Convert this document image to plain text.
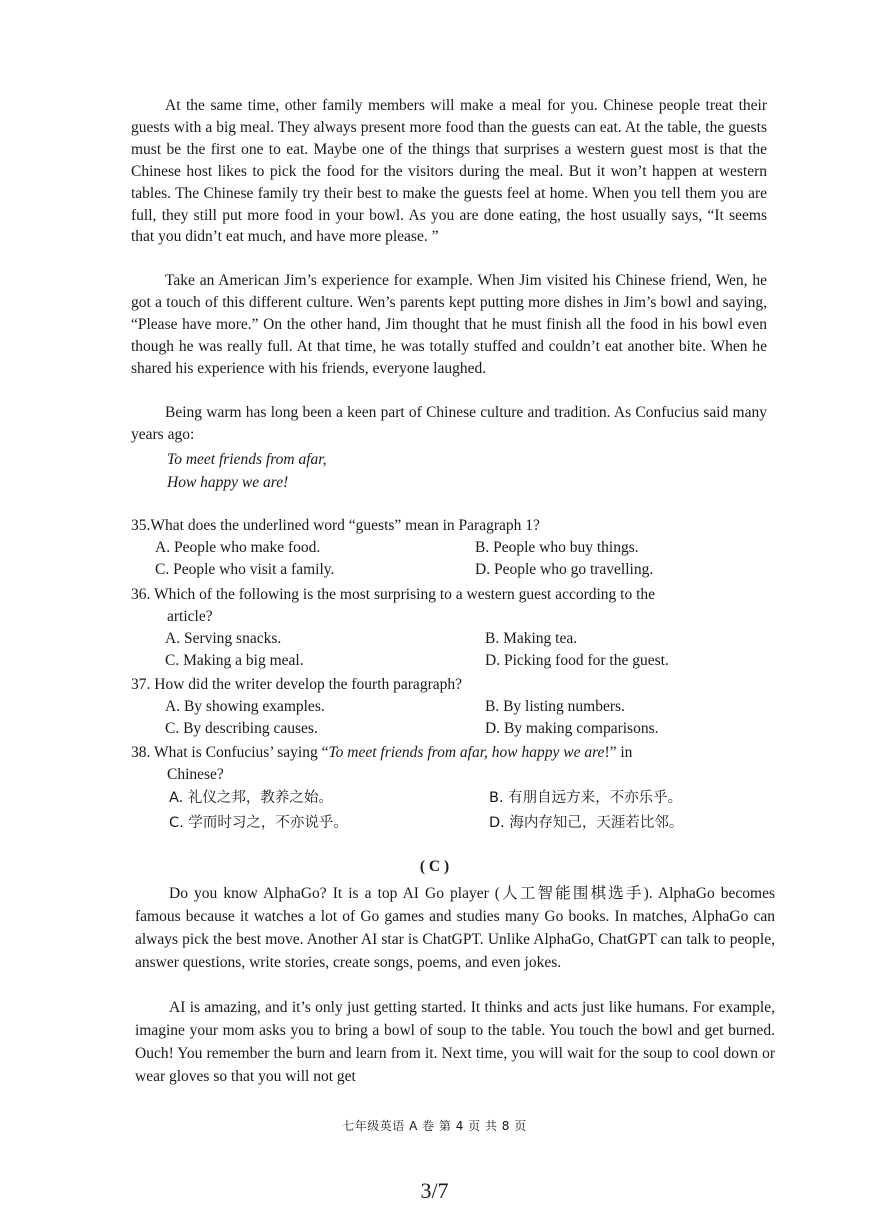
At the same time, other family members will make a meal for you. Chinese people treat their guests with a big meal. They always present more food than the guests can eat. At the table, the guests must be the first one to eat. Maybe one of the things that surprises a western guest most is that the Chinese host likes to pick the food for the visitors during the meal. But it won’t happen at western tables. The Chinese family try their best to make the guests feel at home. When you tell them you are full, they still put more food in your bowl. As you are done eating, the host usually says, “It seems that you didn’t eat much, and have more please. ”

Take an American Jim’s experience for example. When Jim visited his Chinese friend, Wen, he got a touch of this different culture. Wen’s parents kept putting more dishes in Jim’s bowl and saying, “Please have more.” On the other hand, Jim thought that he must finish all the food in his bowl even though he was really full. At that time, he was totally stuffed and couldn’t eat another bite. When he shared his experience with his friends, everyone laughed.

Being warm has long been a keen part of Chinese culture and tradition. As Confucius said many years ago:

To meet friends from afar,
How happy we are!
35.What does the underlined word “guests” mean in Paragraph 1?
A. People who make food.	B. People who buy things.
C. People who visit a family.	D. People who go travelling.
36. Which of the following is the most surprising to a western guest according to the
article?
A. Serving snacks.	B. Making tea.
C. Making a big meal.	D. Picking food for the guest.
37. How did the writer develop the fourth paragraph?
A. By showing examples.	B. By listing numbers.
C. By describing causes.	D. By making comparisons.
38. What is Confucius’ saying “To meet friends from afar, how happy we are!” in
Chinese?
A. 礼仪之邦，教养之始。	B. 有朋自远方来，不亦乐乎。
C. 学而时习之，不亦说乎。	D. 海内存知己，天涯若比邻。
( C )

Do you know AlphaGo? It is a top AI Go player (人工智能围棋选手). AlphaGo becomes famous because it watches a lot of Go games and studies many Go books. In matches, AlphaGo can always pick the best move. Another AI star is ChatGPT. Unlike AlphaGo, ChatGPT can talk to people, answer questions, write stories, create songs, poems, and even jokes.

AI is amazing, and it’s only just getting started. It thinks and acts just like humans. For example, imagine your mom asks you to bring a bowl of soup to the table. You touch the bowl and get burned. Ouch! You remember the burn and learn from it. Next time, you will wait for the soup to cool down or wear gloves so that you will not get

七年级英语 A 卷 第 4 页 共 8 页
3/7
